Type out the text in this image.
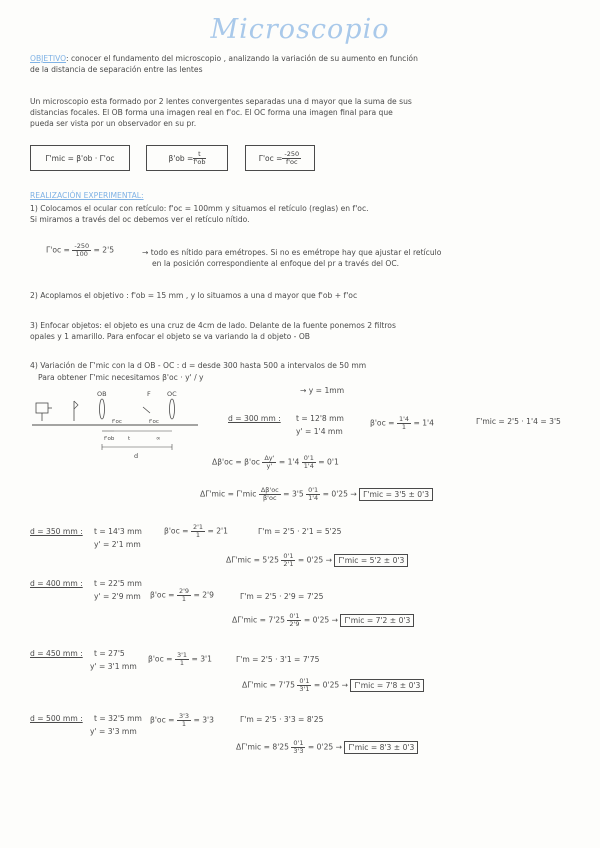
Microscopio
OBJETIVO: conocer el fundamento del microscopio , analizando la variación de su aumento en función
de la distancia de separación entre las lentes
Un microscopio esta formado por 2 lentes convergentes separadas una d mayor que la suma de sus
distancias focales. El OB forma una imagen real en f'oc. El OC forma una imagen final para que
pueda ser vista por un observador en su pr.
Γ'mic = β'ob · Γ'oc	$\beta'ob = \frac{t}{f'ob}$	$\Gamma'oc = \frac{-250}{f'oc}$
REALIZACIÓN EXPERIMENTAL:
1) Colocamos el ocular con retículo: f'oc = 100mm y situamos el retículo (reglas) en f'oc.
Si miramos a través del oc debemos ver el retículo nítido.
$\Gamma'oc = \frac{-250}{100} = 2'5$	→ todo es nítido para emétropes. Si no es emétrope hay que ajustar el retículo
en la posición correspondiente al enfoque del pr a través del OC.
2) Acoplamos el objetivo : f'ob = 15 mm , y lo situamos a una d mayor que f'ob + f'oc
3) Enfocar objetos: el objeto es una cruz de 4cm de lado. Delante de la fuente ponemos 2 filtros
opales y 1 amarillo. Para enfocar el objeto se va variando la d objeto - OB
4) Variación de Γ'mic con la d OB - OC : d = desde 300 hasta 500 a intervalos de 50 mm
Para obtener Γ'mic necesitamos β'oc · y' / y
→ y = 1mm
OB	F	OC
f'oc	f'oc
f'ob t	∞
d
d = 300 mm : t = 12'8 mm
y' = 1'4 mm
$\beta'oc = \frac{1'4}{1} = 1'4$	Γ'mic = 2'5 · 1'4 = 3'5
$\Delta\beta'oc = \beta'oc \frac{\Delta y'}{y'} = 1'4 \frac{0'1}{1'4} = 0'1$
$\Delta\Gamma'mic = \Gamma'mic \frac{\Delta\beta'oc}{\beta'oc} = 3'5 \frac{0'1}{1'4} = 0'25 \to \Gamma'mic = 3'5 \pm 0'3$
d = 350 mm : t = 14'3 mm
y' = 2'1 mm
$\beta'oc = \frac{2'1}{1} = 2'1$	Γ'm = 2'5 · 2'1 = 5'25
$\Delta\Gamma'mic = 5'25 \frac{0'1}{2'1} = 0'25 \to \Gamma'mic = 5'2 \pm 0'3$
d = 400 mm : t = 22'5 mm
y' = 2'9 mm $\beta'oc = \frac{2'9}{1} = 2'9$	Γ'm = 2'5 · 2'9 = 7'25
$\Delta\Gamma'mic = 7'25 \frac{0'1}{2'9} = 0'25 \to \Gamma'mic = 7'2 \pm 0'3$
d = 450 mm : t = 27'5
y' = 3'1 mm
$\beta'oc = \frac{3'1}{1} = 3'1$	Γ'm = 2'5 · 3'1 = 7'75
$\Delta\Gamma'mic = 7'75 \frac{0'1}{3'1} = 0'25 \to \Gamma'mic = 7'8 \pm 0'3$
d = 500 mm : t = 32'5 mm
y' = 3'3 mm
$\beta'oc = \frac{3'3}{1} = 3'3$	Γ'm = 2'5 · 3'3 = 8'25
$\Delta\Gamma'mic = 8'25 \frac{0'1}{3'3} = 0'25 \to \Gamma'mic = 8'3 \pm 0'3$
